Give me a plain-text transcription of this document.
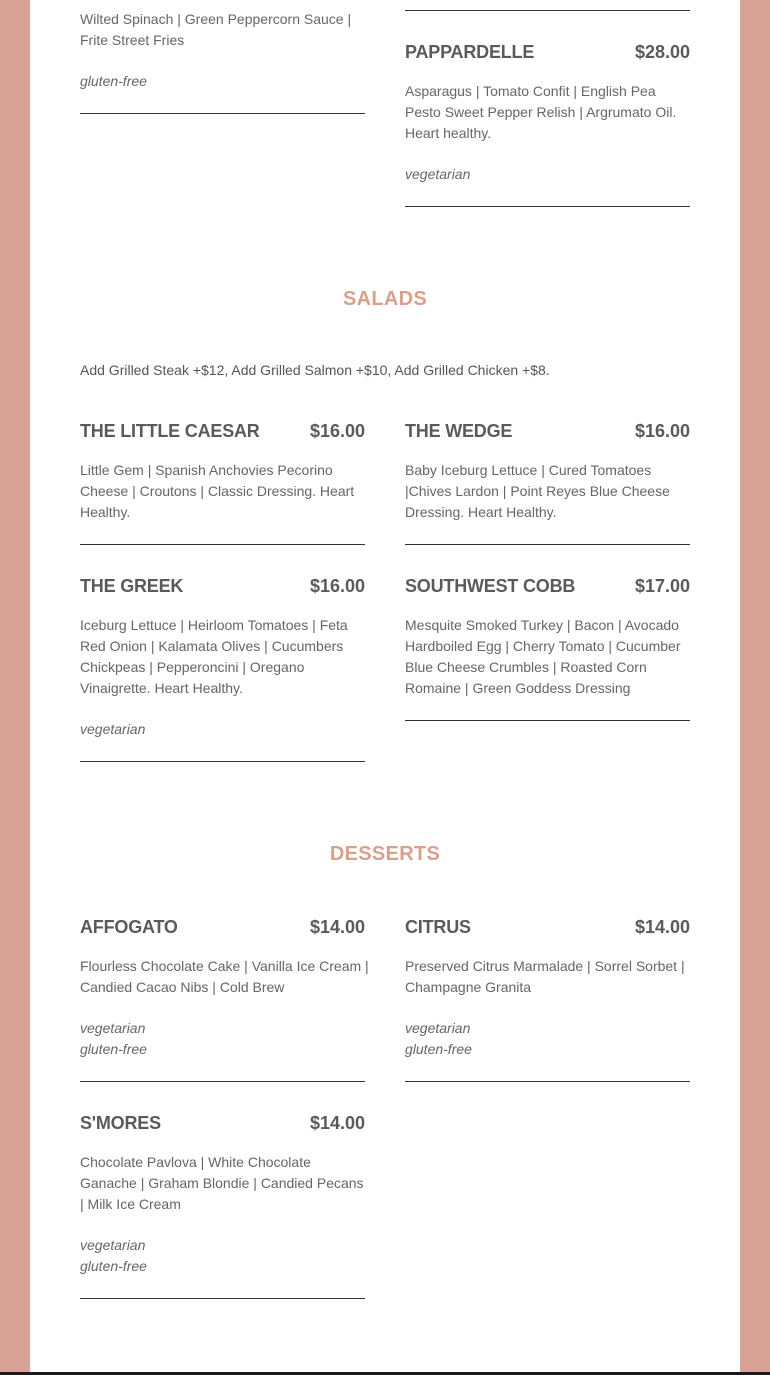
Wilted Spinach | Green Peppercorn Sauce | Frite Street Fries
gluten-free
PAPPARDELLE	$28.00
Asparagus | Tomato Confit | English Pea Pesto Sweet Pepper Relish | Argrumato Oil. Heart healthy.
vegetarian
SALADS
Add Grilled Steak +$12, Add Grilled Salmon +$10, Add Grilled Chicken +$8.
THE LITTLE CAESAR	$16.00
Little Gem | Spanish Anchovies Pecorino Cheese | Croutons | Classic Dressing. Heart Healthy.
THE WEDGE	$16.00
Baby Iceburg Lettuce | Cured Tomatoes |Chives Lardon | Point Reyes Blue Cheese Dressing. Heart Healthy.
THE GREEK	$16.00
Iceburg Lettuce | Heirloom Tomatoes | Feta Red Onion | Kalamata Olives | Cucumbers Chickpeas | Pepperoncini | Oregano Vinaigrette. Heart Healthy.
vegetarian
SOUTHWEST COBB	$17.00
Mesquite Smoked Turkey | Bacon | Avocado Hardboiled Egg | Cherry Tomato | Cucumber Blue Cheese Crumbles | Roasted Corn Romaine | Green Goddess Dressing
DESSERTS
AFFOGATO	$14.00
Flourless Chocolate Cake | Vanilla Ice Cream | Candied Cacao Nibs | Cold Brew
vegetarian
gluten-free
CITRUS	$14.00
Preserved Citrus Marmalade | Sorrel Sorbet | Champagne Granita
vegetarian
gluten-free
S'MORES	$14.00
Chocolate Pavlova | White Chocolate Ganache | Graham Blondie | Candied Pecans | Milk Ice Cream
vegetarian
gluten-free
